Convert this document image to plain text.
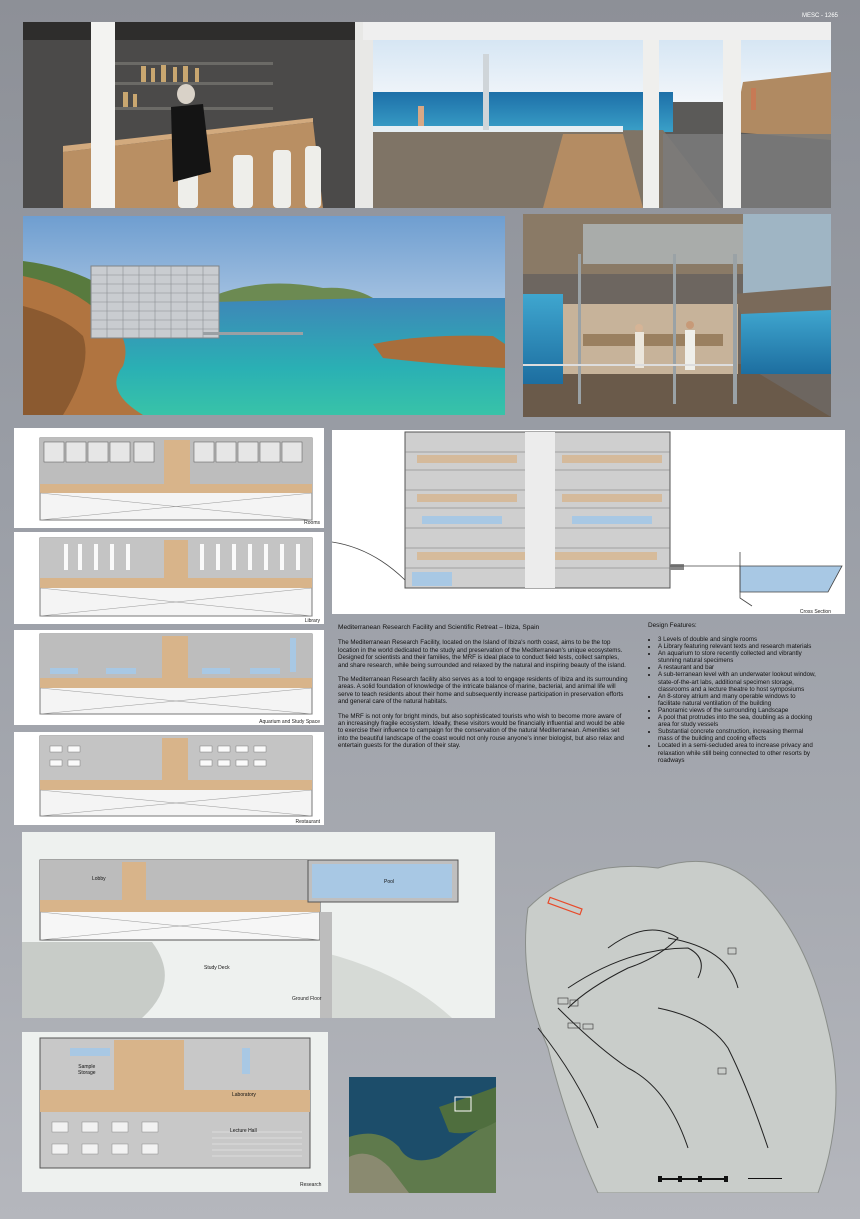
MESC - 1265
Rooms
Library
Aquarium and Study Space
Restaurant
Cross Section
Mediterranean Research Facility and Scientific Retreat – Ibiza, Spain

The Mediterranean Research Facility, located on the Island of Ibiza's north coast, aims to be the top location in the world dedicated to the study and preservation of the Mediterranean's unique ecosystems. Designed for scientists and their families, the MRF is ideal place to conduct field tests, collect samples, and share research, while being surrounded and relaxed by the natural and inspiring beauty of the island.

The Mediterranean Research facility also serves as a tool to engage residents of Ibiza and its surrounding areas. A solid foundation of knowledge of the intricate balance of marine, bacterial, and animal life will serve to teach residents about their home and subsequently increase participation in preservation efforts and general care of the natural habitats.

The MRF is not only for bright minds, but also sophisticated tourists who wish to become more aware of an increasingly fragile ecosystem. Ideally, these visitors would be financially influential and would be able to exercise their influence to campaign for the conservation of the natural Mediterranean. Amenities set into the beautiful landscape of the coast would not only rouse anyone's inner biologist, but also relax and entertain guests for the duration of their stay.

Design Features:
• 3 Levels of double and single rooms
• A Library featuring relevant texts and research materials
• An aquarium to store recently collected and vibrantly stunning natural specimens
• A restaurant and bar
• A sub-terranean level with an underwater lookout window, state-of-the-art labs, additional specimen storage, classrooms and a lecture theatre to host symposiums
• An 8-storey atrium and many operable windows to facilitate natural ventilation of the building
• Panoramic views of the surrounding Landscape
• A pool that protrudes into the sea, doubling as a docking area for study vessels
• Substantial concrete construction, increasing thermal mass of the building and cooling effects
• Located in a semi-secluded area to increase privacy and relaxation while still being connected to other resorts by roadways
Lobby	Pool
Study Deck
Ground Floor
Sample
Storage
Laboratory
Lecture Hall
Research
